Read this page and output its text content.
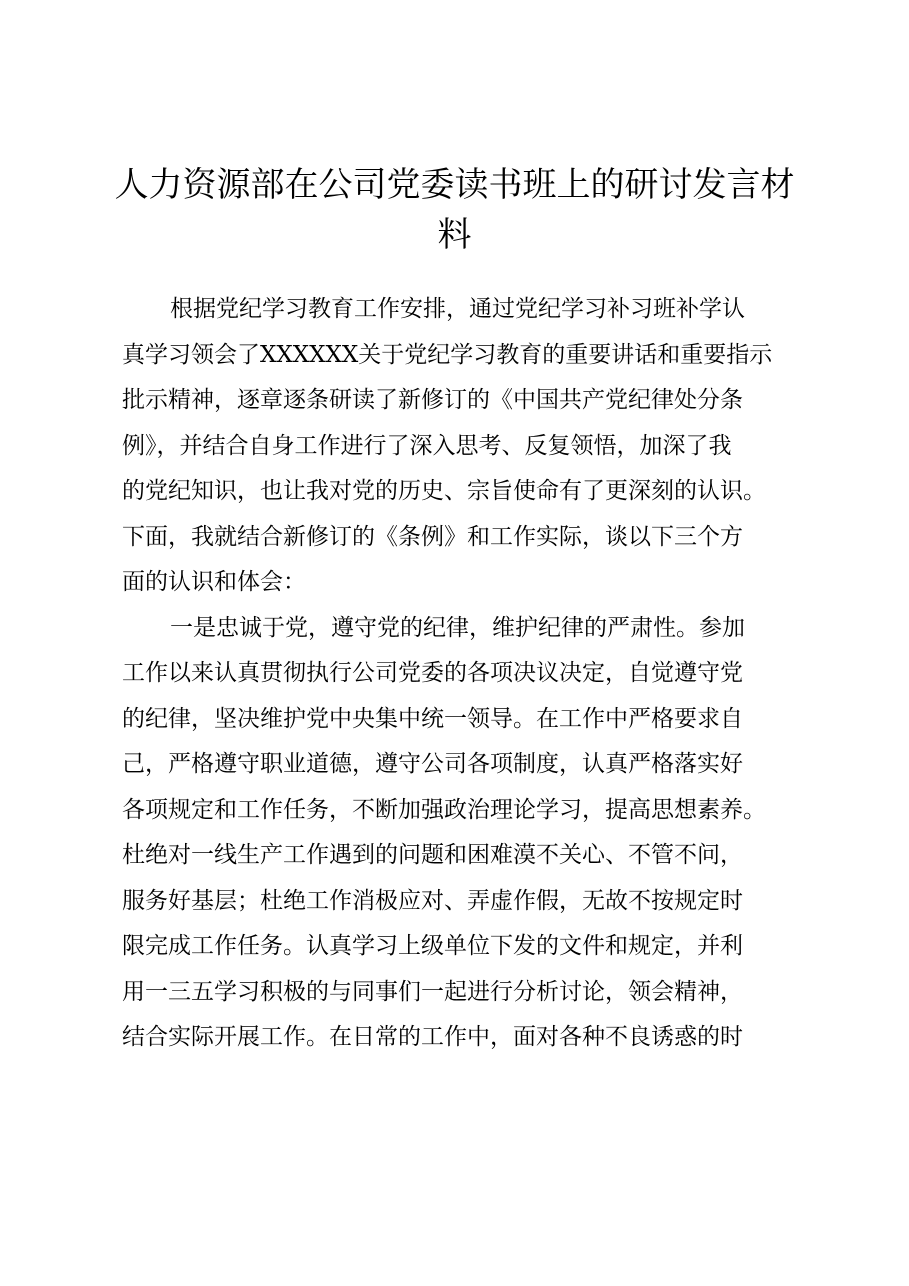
人力资源部在公司党委读书班上的研讨发言材
料
根据党纪学习教育工作安排，通过党纪学习补习班补学认
真学习领会了XXXXXX关于党纪学习教育的重要讲话和重要指示
批示精神，逐章逐条研读了新修订的《中国共产党纪律处分条
例》，并结合自身工作进行了深入思考、反复领悟，加深了我
的党纪知识，也让我对党的历史、宗旨使命有了更深刻的认识。
下面，我就结合新修订的《条例》和工作实际，谈以下三个方
面的认识和体会：
一是忠诚于党，遵守党的纪律，维护纪律的严肃性。参加
工作以来认真贯彻执行公司党委的各项决议决定，自觉遵守党
的纪律，坚决维护党中央集中统一领导。在工作中严格要求自
己，严格遵守职业道德，遵守公司各项制度，认真严格落实好
各项规定和工作任务，不断加强政治理论学习，提高思想素养。
杜绝对一线生产工作遇到的问题和困难漠不关心、不管不问，
服务好基层；杜绝工作消极应对、弄虚作假，无故不按规定时
限完成工作任务。认真学习上级单位下发的文件和规定，并利
用一三五学习积极的与同事们一起进行分析讨论，领会精神，
结合实际开展工作。在日常的工作中，面对各种不良诱惑的时
